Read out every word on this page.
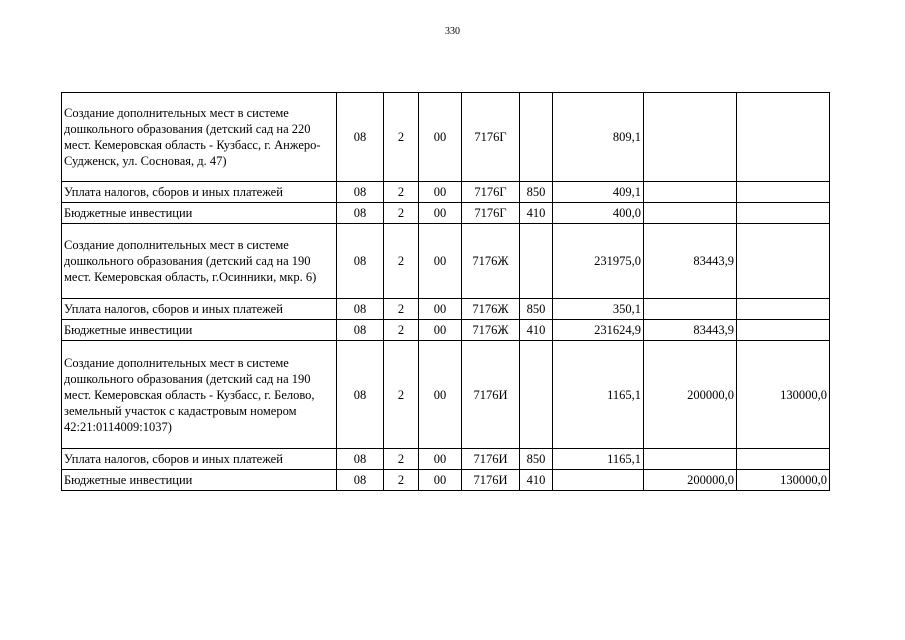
330
Создание дополнительных мест в системе дошкольного образования (детский сад на 220 мест. Кемеровская область - Кузбасс, г. Анжеро-Судженск, ул. Сосновая, д. 47)	08	2	00	7176Г		809,1		
Уплата налогов, сборов и иных платежей	08	2	00	7176Г	850	409,1		
Бюджетные инвестиции	08	2	00	7176Г	410	400,0		
Создание дополнительных мест в системе дошкольного образования (детский сад на 190 мест. Кемеровская область, г.Осинники, мкр. 6)	08	2	00	7176Ж		231975,0	83443,9	
Уплата налогов, сборов и иных платежей	08	2	00	7176Ж	850	350,1		
Бюджетные инвестиции	08	2	00	7176Ж	410	231624,9	83443,9	
Создание дополнительных мест в системе дошкольного образования (детский сад на 190 мест. Кемеровская область - Кузбасс, г. Белово, земельный участок с кадастровым номером 42:21:0114009:1037)	08	2	00	7176И		1165,1	200000,0	130000,0
Уплата налогов, сборов и иных платежей	08	2	00	7176И	850	1165,1		
Бюджетные инвестиции	08	2	00	7176И	410		200000,0	130000,0
